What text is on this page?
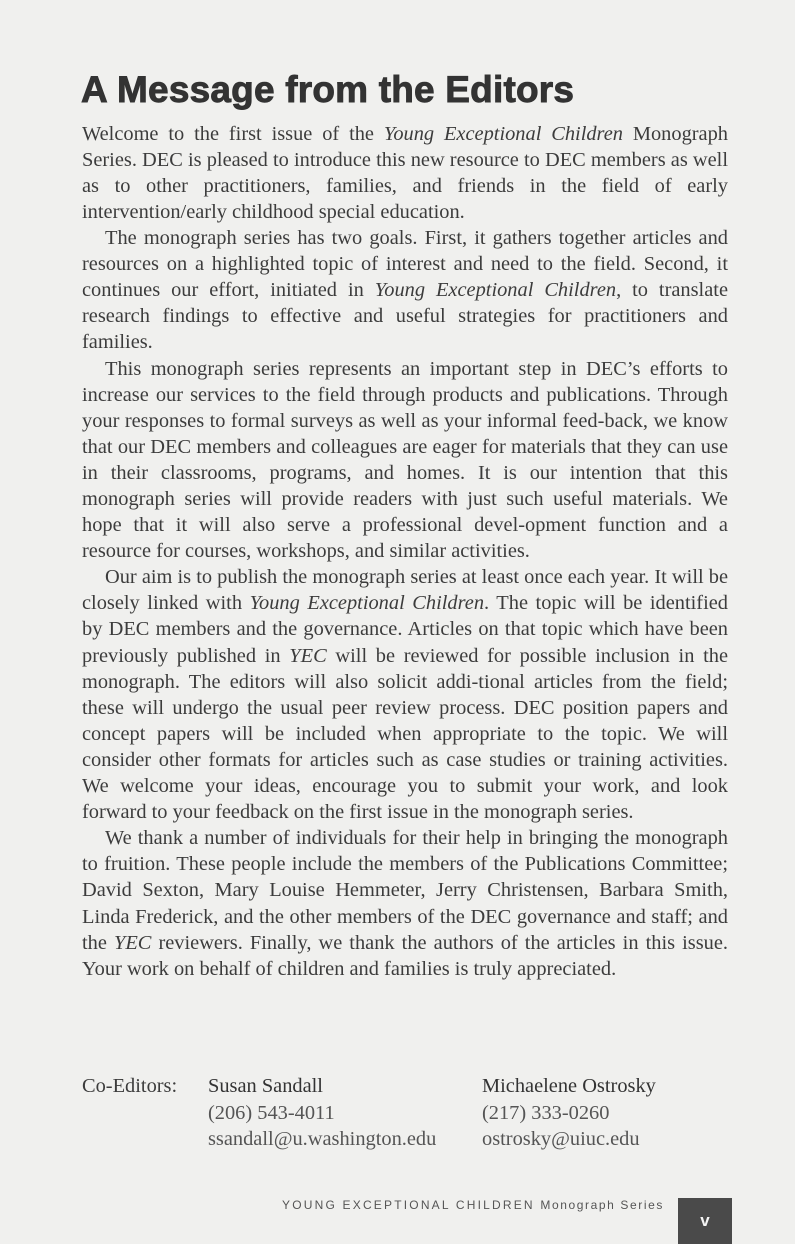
A Message from the Editors

Welcome to the first issue of the Young Exceptional Children Monograph Series. DEC is pleased to introduce this new resource to DEC members as well as to other practitioners, families, and friends in the field of early intervention/early childhood special education.

The monograph series has two goals. First, it gathers together articles and resources on a highlighted topic of interest and need to the field. Second, it continues our effort, initiated in Young Exceptional Children, to translate research findings to effective and useful strategies for practitioners and families.

This monograph series represents an important step in DEC’s efforts to increase our services to the field through products and publications. Through your responses to formal surveys as well as your informal feed-back, we know that our DEC members and colleagues are eager for materials that they can use in their classrooms, programs, and homes. It is our intention that this monograph series will provide readers with just such useful materials. We hope that it will also serve a professional devel-opment function and a resource for courses, workshops, and similar activities.

Our aim is to publish the monograph series at least once each year. It will be closely linked with Young Exceptional Children. The topic will be identified by DEC members and the governance. Articles on that topic which have been previously published in YEC will be reviewed for possible inclusion in the monograph. The editors will also solicit addi-tional articles from the field; these will undergo the usual peer review process. DEC position papers and concept papers will be included when appropriate to the topic. We will consider other formats for articles such as case studies or training activities. We welcome your ideas, encourage you to submit your work, and look forward to your feedback on the first issue in the monograph series.

We thank a number of individuals for their help in bringing the monograph to fruition. These people include the members of the Publications Committee; David Sexton, Mary Louise Hemmeter, Jerry Christensen, Barbara Smith, Linda Frederick, and the other members of the DEC governance and staff; and the YEC reviewers. Finally, we thank the authors of the articles in this issue. Your work on behalf of children and families is truly appreciated.

Co-Editors: Susan Sandall
(206) 543-4011
ssandall@u.washington.edu
Michaelene Ostrosky
(217) 333-0260
ostrosky@uiuc.edu
YOUNG EXCEPTIONAL CHILDREN Monograph Series
v
